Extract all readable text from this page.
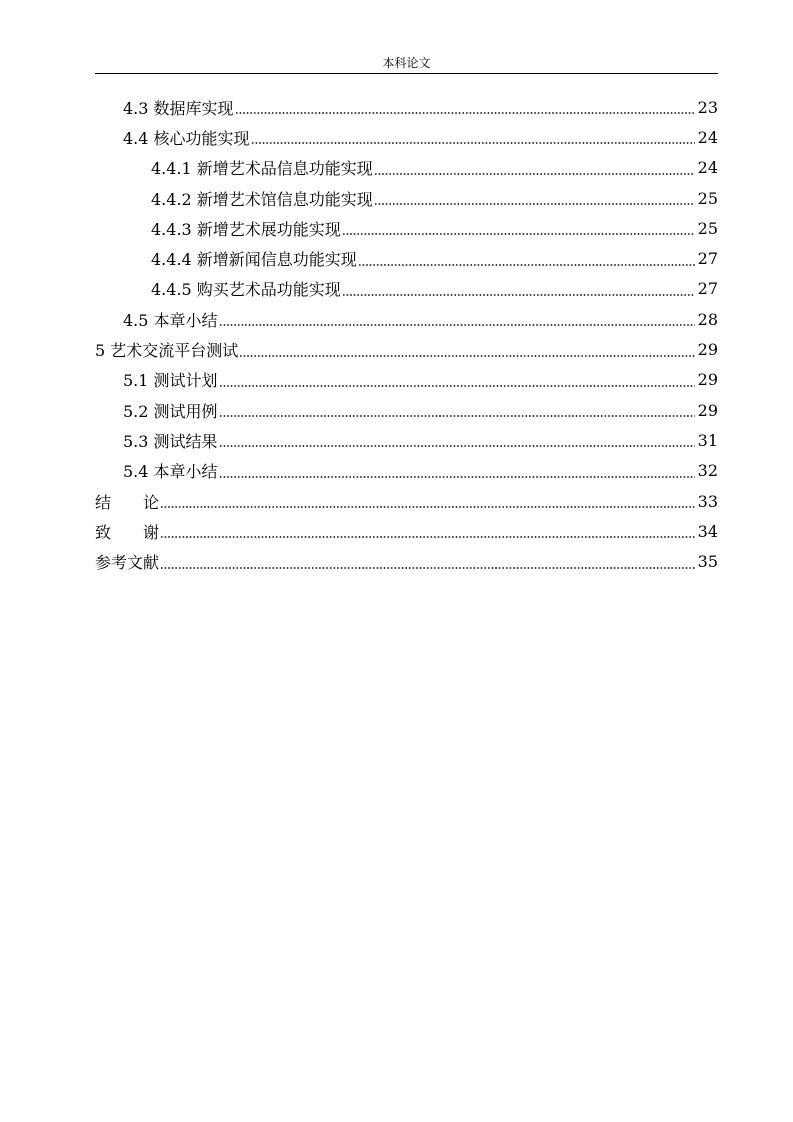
本科论文
4.3 数据库实现	23
4.4 核心功能实现	24
4.4.1 新增艺术品信息功能实现	24
4.4.2 新增艺术馆信息功能实现	25
4.4.3 新增艺术展功能实现	25
4.4.4 新增新闻信息功能实现	27
4.4.5 购买艺术品功能实现	27
4.5 本章小结	28
5 艺术交流平台测试	29
5.1 测试计划	29
5.2 测试用例	29
5.3 测试结果	31
5.4 本章小结	32
结　　论	33
致　　谢	34
参考文献	35
